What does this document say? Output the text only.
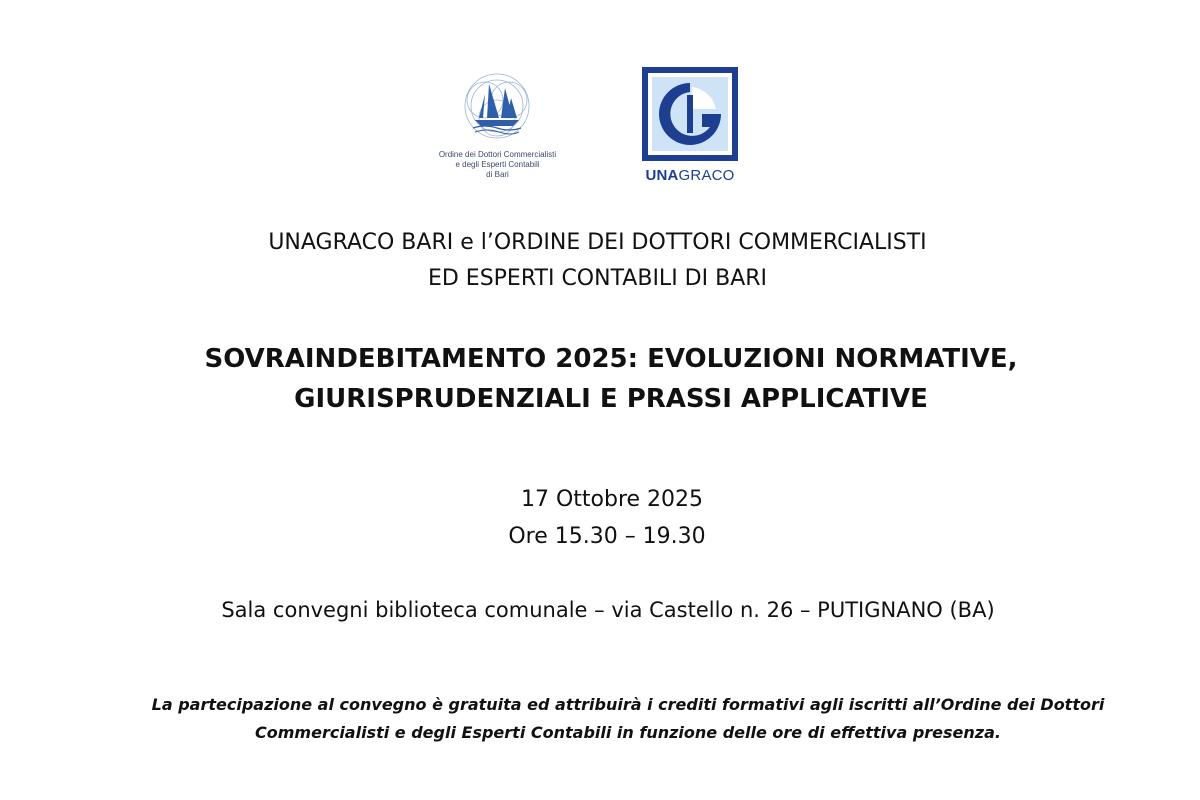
Ordine dei Dottori Commercialisti
e degli Esperti Contabili
di Bari	UNAGRACO
UNAGRACO BARI e l’ORDINE DEI DOTTORI COMMERCIALISTI
ED ESPERTI CONTABILI DI BARI
SOVRAINDEBITAMENTO 2025: EVOLUZIONI NORMATIVE,
GIURISPRUDENZIALI E PRASSI APPLICATIVE
17 Ottobre 2025
Ore 15.30 – 19.30
Sala convegni biblioteca comunale – via Castello n. 26 – PUTIGNANO (BA)
La partecipazione al convegno è gratuita ed attribuirà i crediti formativi agli iscritti all’Ordine dei Dottori
Commercialisti e degli Esperti Contabili in funzione delle ore di effettiva presenza.
